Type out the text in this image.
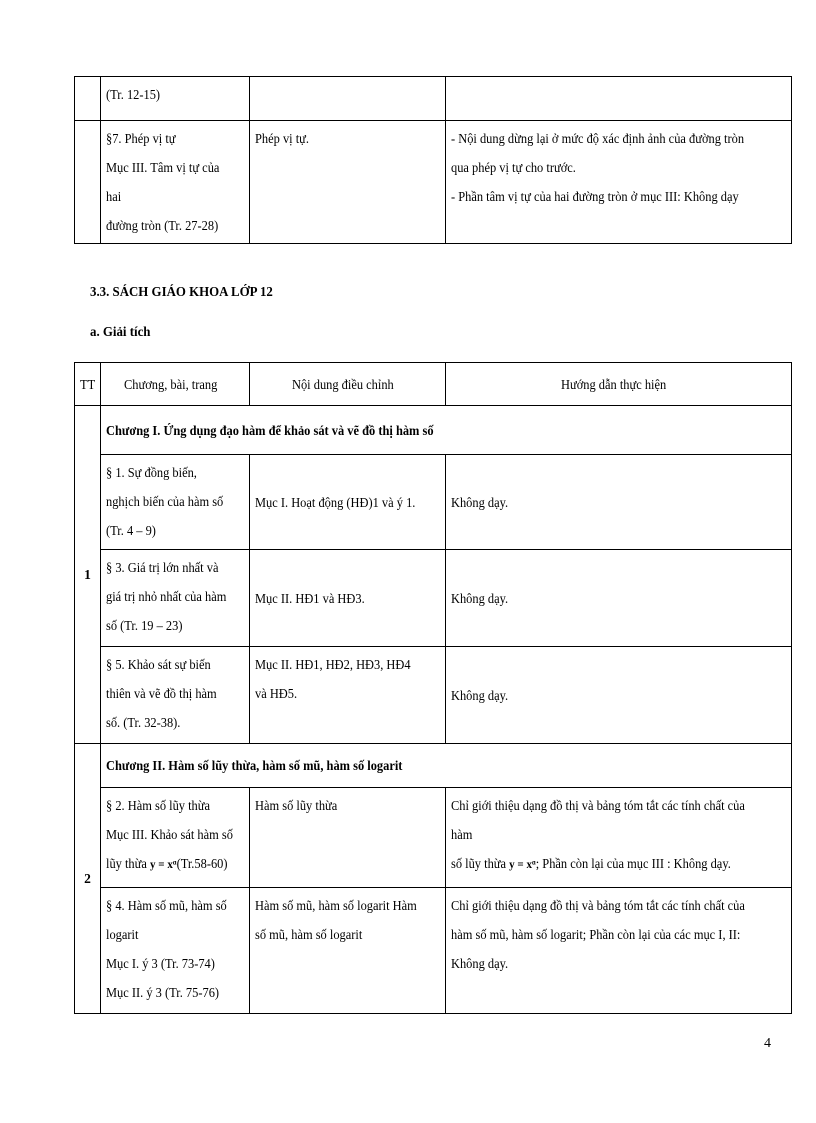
	(Tr. 12-15)		
	§7. Phép vị tự
Mục III. Tâm vị tự của hai
đường tròn (Tr. 27-28)	Phép vị tự.	- Nội dung dừng lại ở mức độ xác định ảnh của đường tròn
qua phép vị tự cho trước.
- Phần tâm vị tự của hai đường tròn ở mục III: Không dạy
3.3. SÁCH GIÁO KHOA LỚP 12
a. Giải tích
TT	Chương, bài, trang	Nội dung điều chỉnh	Hướng dẫn thực hiện
1	Chương I. Ứng dụng đạo hàm để khảo sát và vẽ đồ thị hàm số		
	§ 1. Sự đồng biến,
nghịch biến của hàm số
(Tr. 4 – 9)	Mục I. Hoạt động (HĐ)1 và ý 1.	Không dạy.
	§ 3. Giá trị lớn nhất và
giá trị nhỏ nhất của hàm
số (Tr. 19 – 23)	Mục II. HĐ1 và HĐ3.	Không dạy.
	§ 5. Khảo sát sự biến
thiên và vẽ đồ thị hàm
số. (Tr. 32-38).	Mục II. HĐ1, HĐ2, HĐ3, HĐ4
và HĐ5.	Không dạy.
2	Chương II. Hàm số lũy thừa, hàm số mũ, hàm số logarit		
	§ 2. Hàm số lũy thừa
Mục III. Khảo sát hàm số
lũy thừa y = xᵅ(Tr.58-60)	Hàm số lũy thừa	Chỉ giới thiệu dạng đồ thị và bảng tóm tắt các tính chất của hàm
số lũy thừa y = xᵅ; Phần còn lại của mục III : Không dạy.
	§ 4. Hàm số mũ, hàm số
logarit
Mục I. ý 3 (Tr. 73-74)
Mục II. ý 3 (Tr. 75-76)	Hàm số mũ, hàm số logarit Hàm
số mũ, hàm số logarit	Chỉ giới thiệu dạng đồ thị và bảng tóm tắt các tính chất của
hàm số mũ, hàm số logarit; Phần còn lại của các mục I, II:
Không dạy.
4
